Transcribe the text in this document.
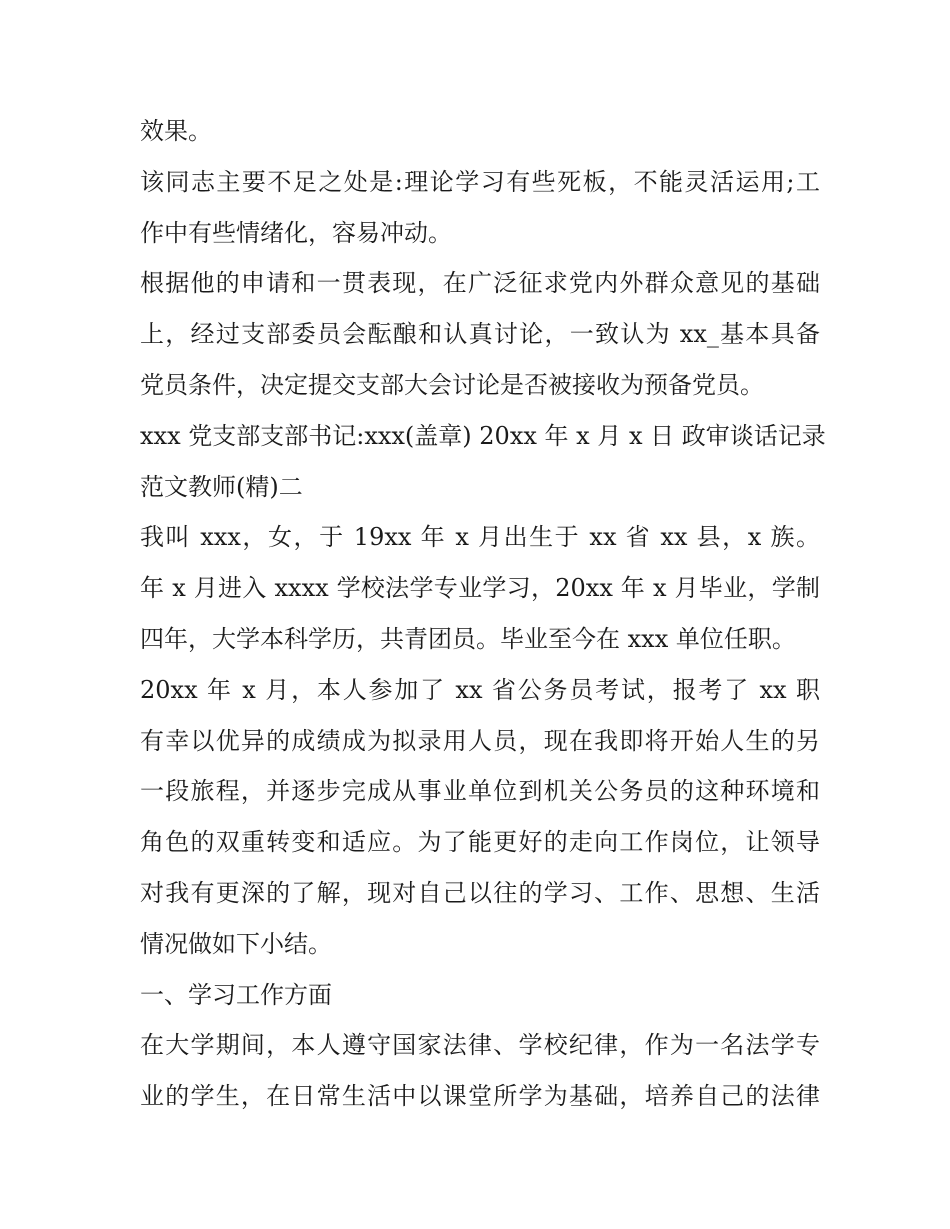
效果。
该同志主要不足之处是:理论学习有些死板，不能灵活运用;工
作中有些情绪化，容易冲动。
根据他的申请和一贯表现，在广泛征求党内外群众意见的基础
上，经过支部委员会酝酿和认真讨论，一致认为 xx_基本具备
党员条件，决定提交支部大会讨论是否被接收为预备党员。
xxx 党支部支部书记:xxx(盖章) 20xx 年 x 月 x 日 政审谈话记录
范文教师(精)二
我叫 xxx，女，于 19xx 年 x 月出生于 xx 省 xx 县，x 族。
年 x 月进入 xxxx 学校法学专业学习，20xx 年 x 月毕业，学制
四年，大学本科学历，共青团员。毕业至今在 xxx 单位任职。
20xx 年 x 月，本人参加了 xx 省公务员考试，报考了 xx 职
有幸以优异的成绩成为拟录用人员，现在我即将开始人生的另
一段旅程，并逐步完成从事业单位到机关公务员的这种环境和
角色的双重转变和适应。为了能更好的走向工作岗位，让领导
对我有更深的了解，现对自己以往的学习、工作、思想、生活
情况做如下小结。
一、学习工作方面
在大学期间，本人遵守国家法律、学校纪律，作为一名法学专
业的学生，在日常生活中以课堂所学为基础，培养自己的法律
